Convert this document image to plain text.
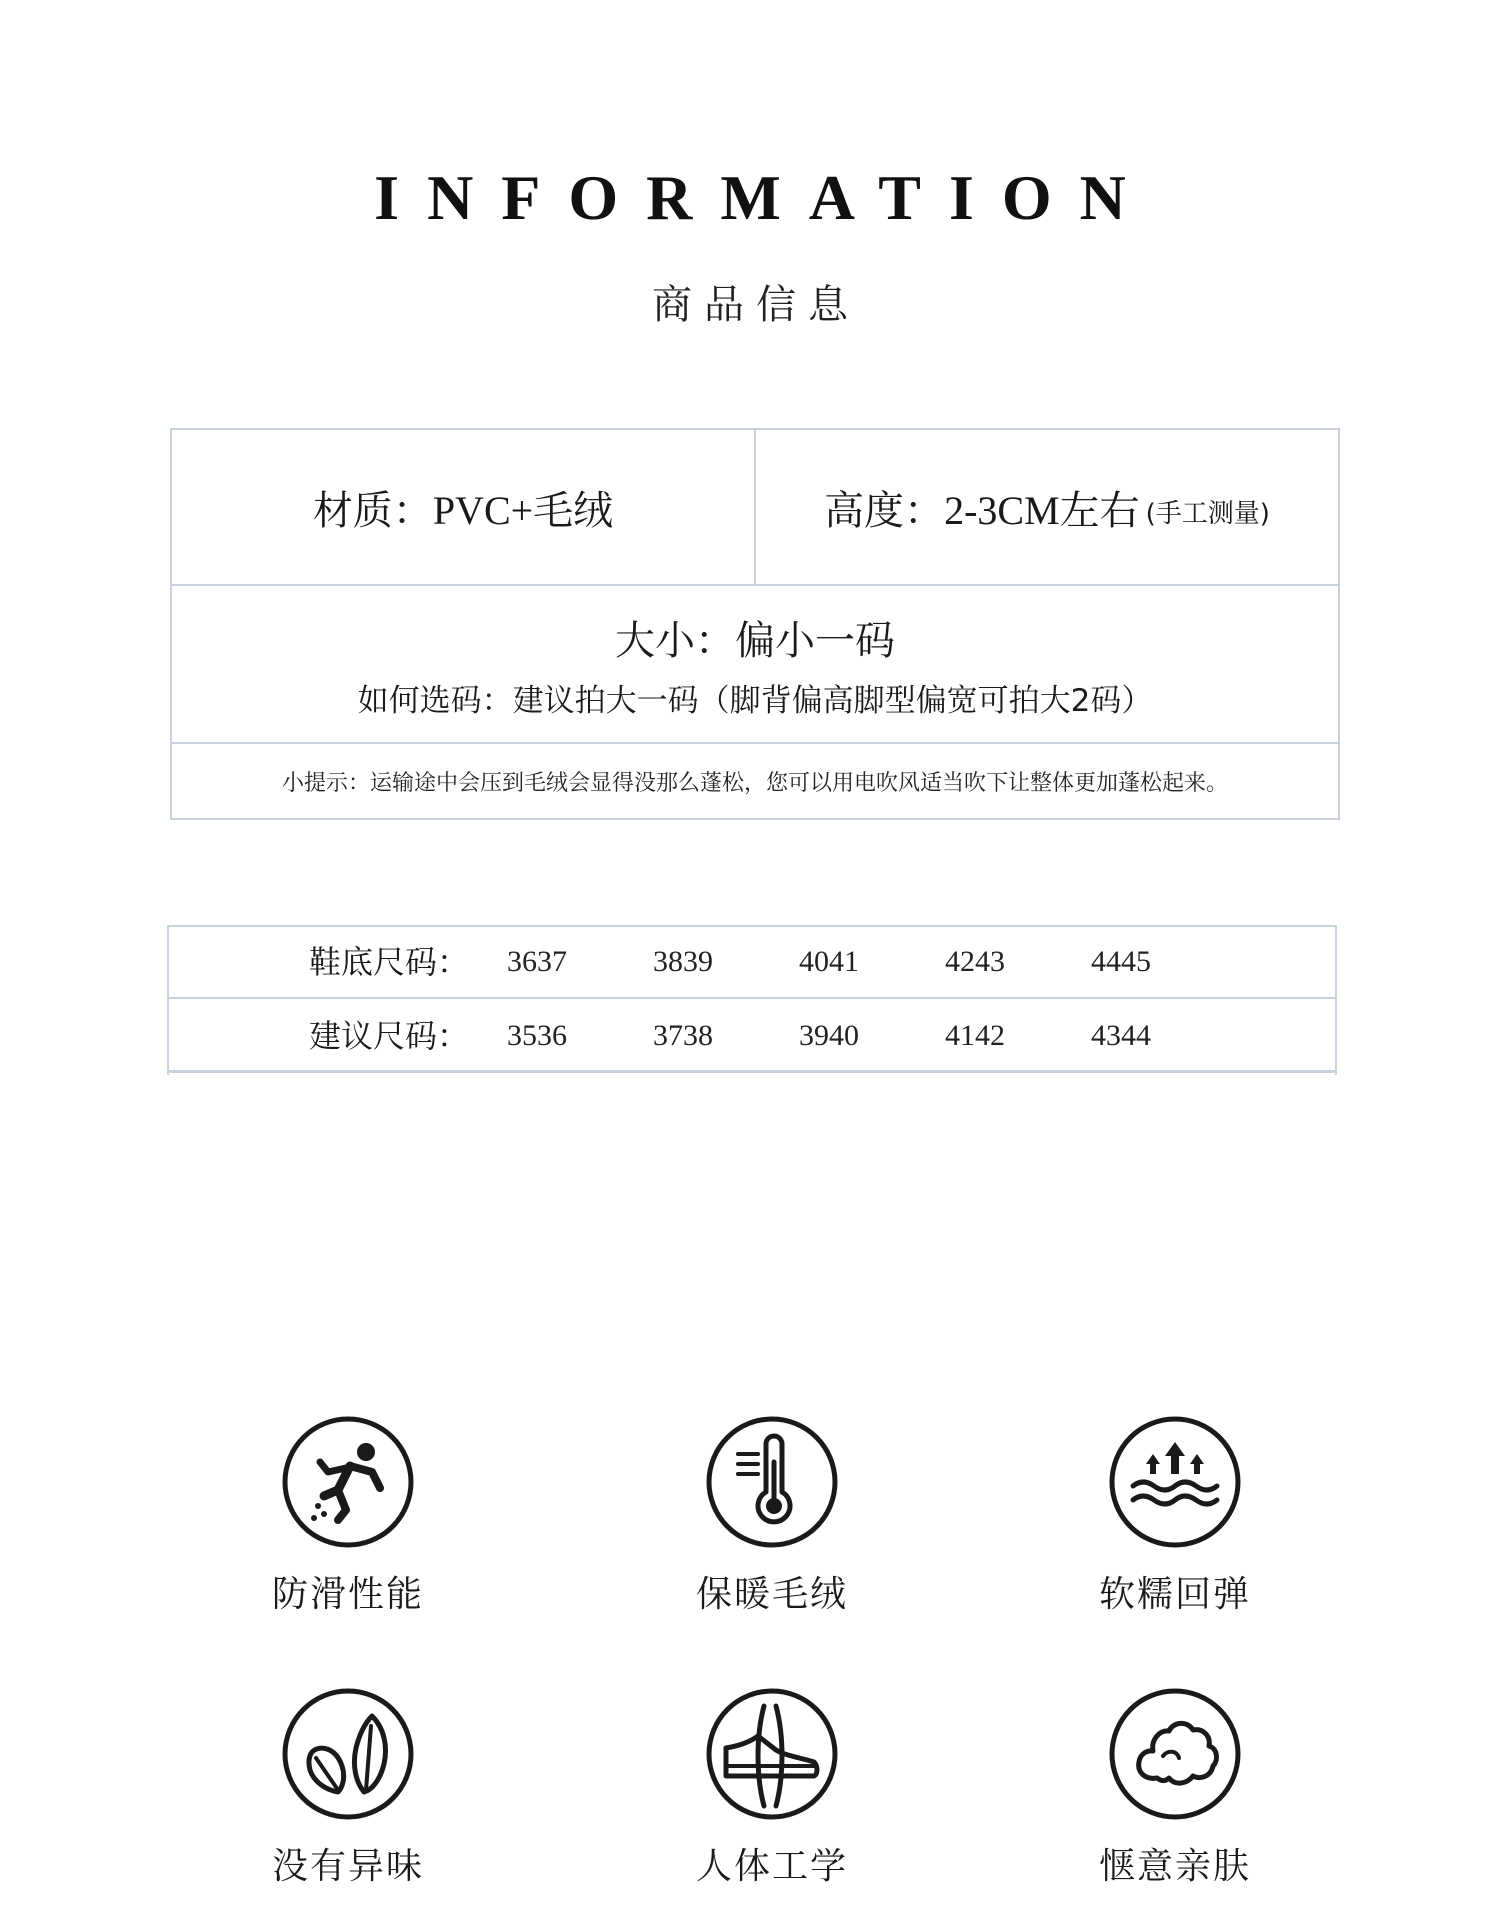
INFORMATION
商品信息
材质： PVC+毛绒	高度： 2-3CM左右 (手工测量)
大小：偏小一码
如何选码：建议拍大一码（脚背偏高脚型偏宽可拍大2码）
小提示：运输途中会压到毛绒会显得没那么蓬松，您可以用电吹风适当吹下让整体更加蓬松起来。
鞋底尺码： 3637	3839	4041	4243	4445
建议尺码： 3536	3738	3940	4142	4344
防滑性能	保暖毛绒	软糯回弹
没有异味	人体工学	惬意亲肤
